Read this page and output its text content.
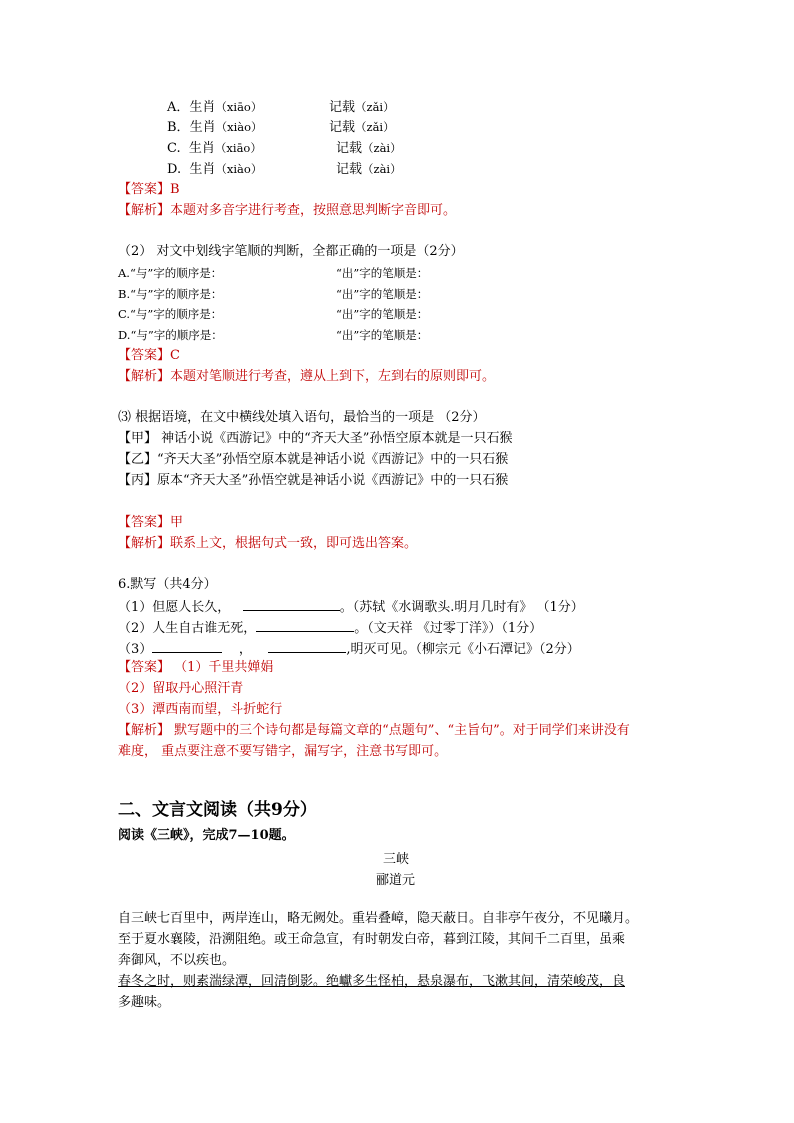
A．生肖（xiāo）	记载（zǎi）
B．生肖（xiào）	记载（zǎi）
C. 生肖（xiāo）	记载（zài）
D. 生肖（xiào）	记载（zài）
【答案】B
【解析】本题对多音字进行考查，按照意思判断字音即可。
（2） 对文中划线字笔顺的判断，全都正确的一项是（2分）
A.“与”字的顺序是：	“出”字的笔顺是：
B.“与”字的顺序是：	“出”字的笔顺是：
C.“与”字的顺序是：	“出”字的笔顺是：
D.“与”字的顺序是：	“出”字的笔顺是：
【答案】C
【解析】本题对笔顺进行考查，遵从上到下，左到右的原则即可。
⑶ 根据语境，在文中横线处填入语句，最恰当的一项是 （2分）
【甲】 神话小说《西游记》中的“齐天大圣”孙悟空原本就是一只石猴
【乙】“齐天大圣”孙悟空原本就是神话小说《西游记》中的一只石猴
【丙】原本“齐天大圣”孙悟空就是神话小说《西游记》中的一只石猴
【答案】甲
【解析】联系上文，根据句式一致，即可选出答案。
6.默写（共4分）
（1）但愿人长久，	。（苏轼《水调歌头.明月几时有》 （1分）
（2）人生自古谁无死，	。（文天祥 《过零丁洋》）（1分）
（3）	，	,明灭可见。（柳宗元《小石潭记》（2分）
【答案】 （1）千里共婵娟
（2）留取丹心照汗青
（3）潭西南而望，斗折蛇行
【解析】 默写题中的三个诗句都是每篇文章的“点题句”、“主旨句”。对于同学们来讲没有
难度， 重点要注意不要写错字，漏写字，注意书写即可。
二、文言文阅读（共9分）
阅读《三峡》，完成7—10题。
三峡
郦道元
自三峡七百里中，两岸连山，略无阙处。重岩叠嶂，隐天蔽日。自非亭午夜分，不见曦月。
至于夏水襄陵，沿溯阻绝。或王命急宣，有时朝发白帝，暮到江陵，其间千二百里，虽乘
奔御风，不以疾也。
春冬之时，则素湍绿潭，回清倒影。绝巘多生怪柏，悬泉瀑布，飞漱其间，清荣峻茂，良
多趣味。
